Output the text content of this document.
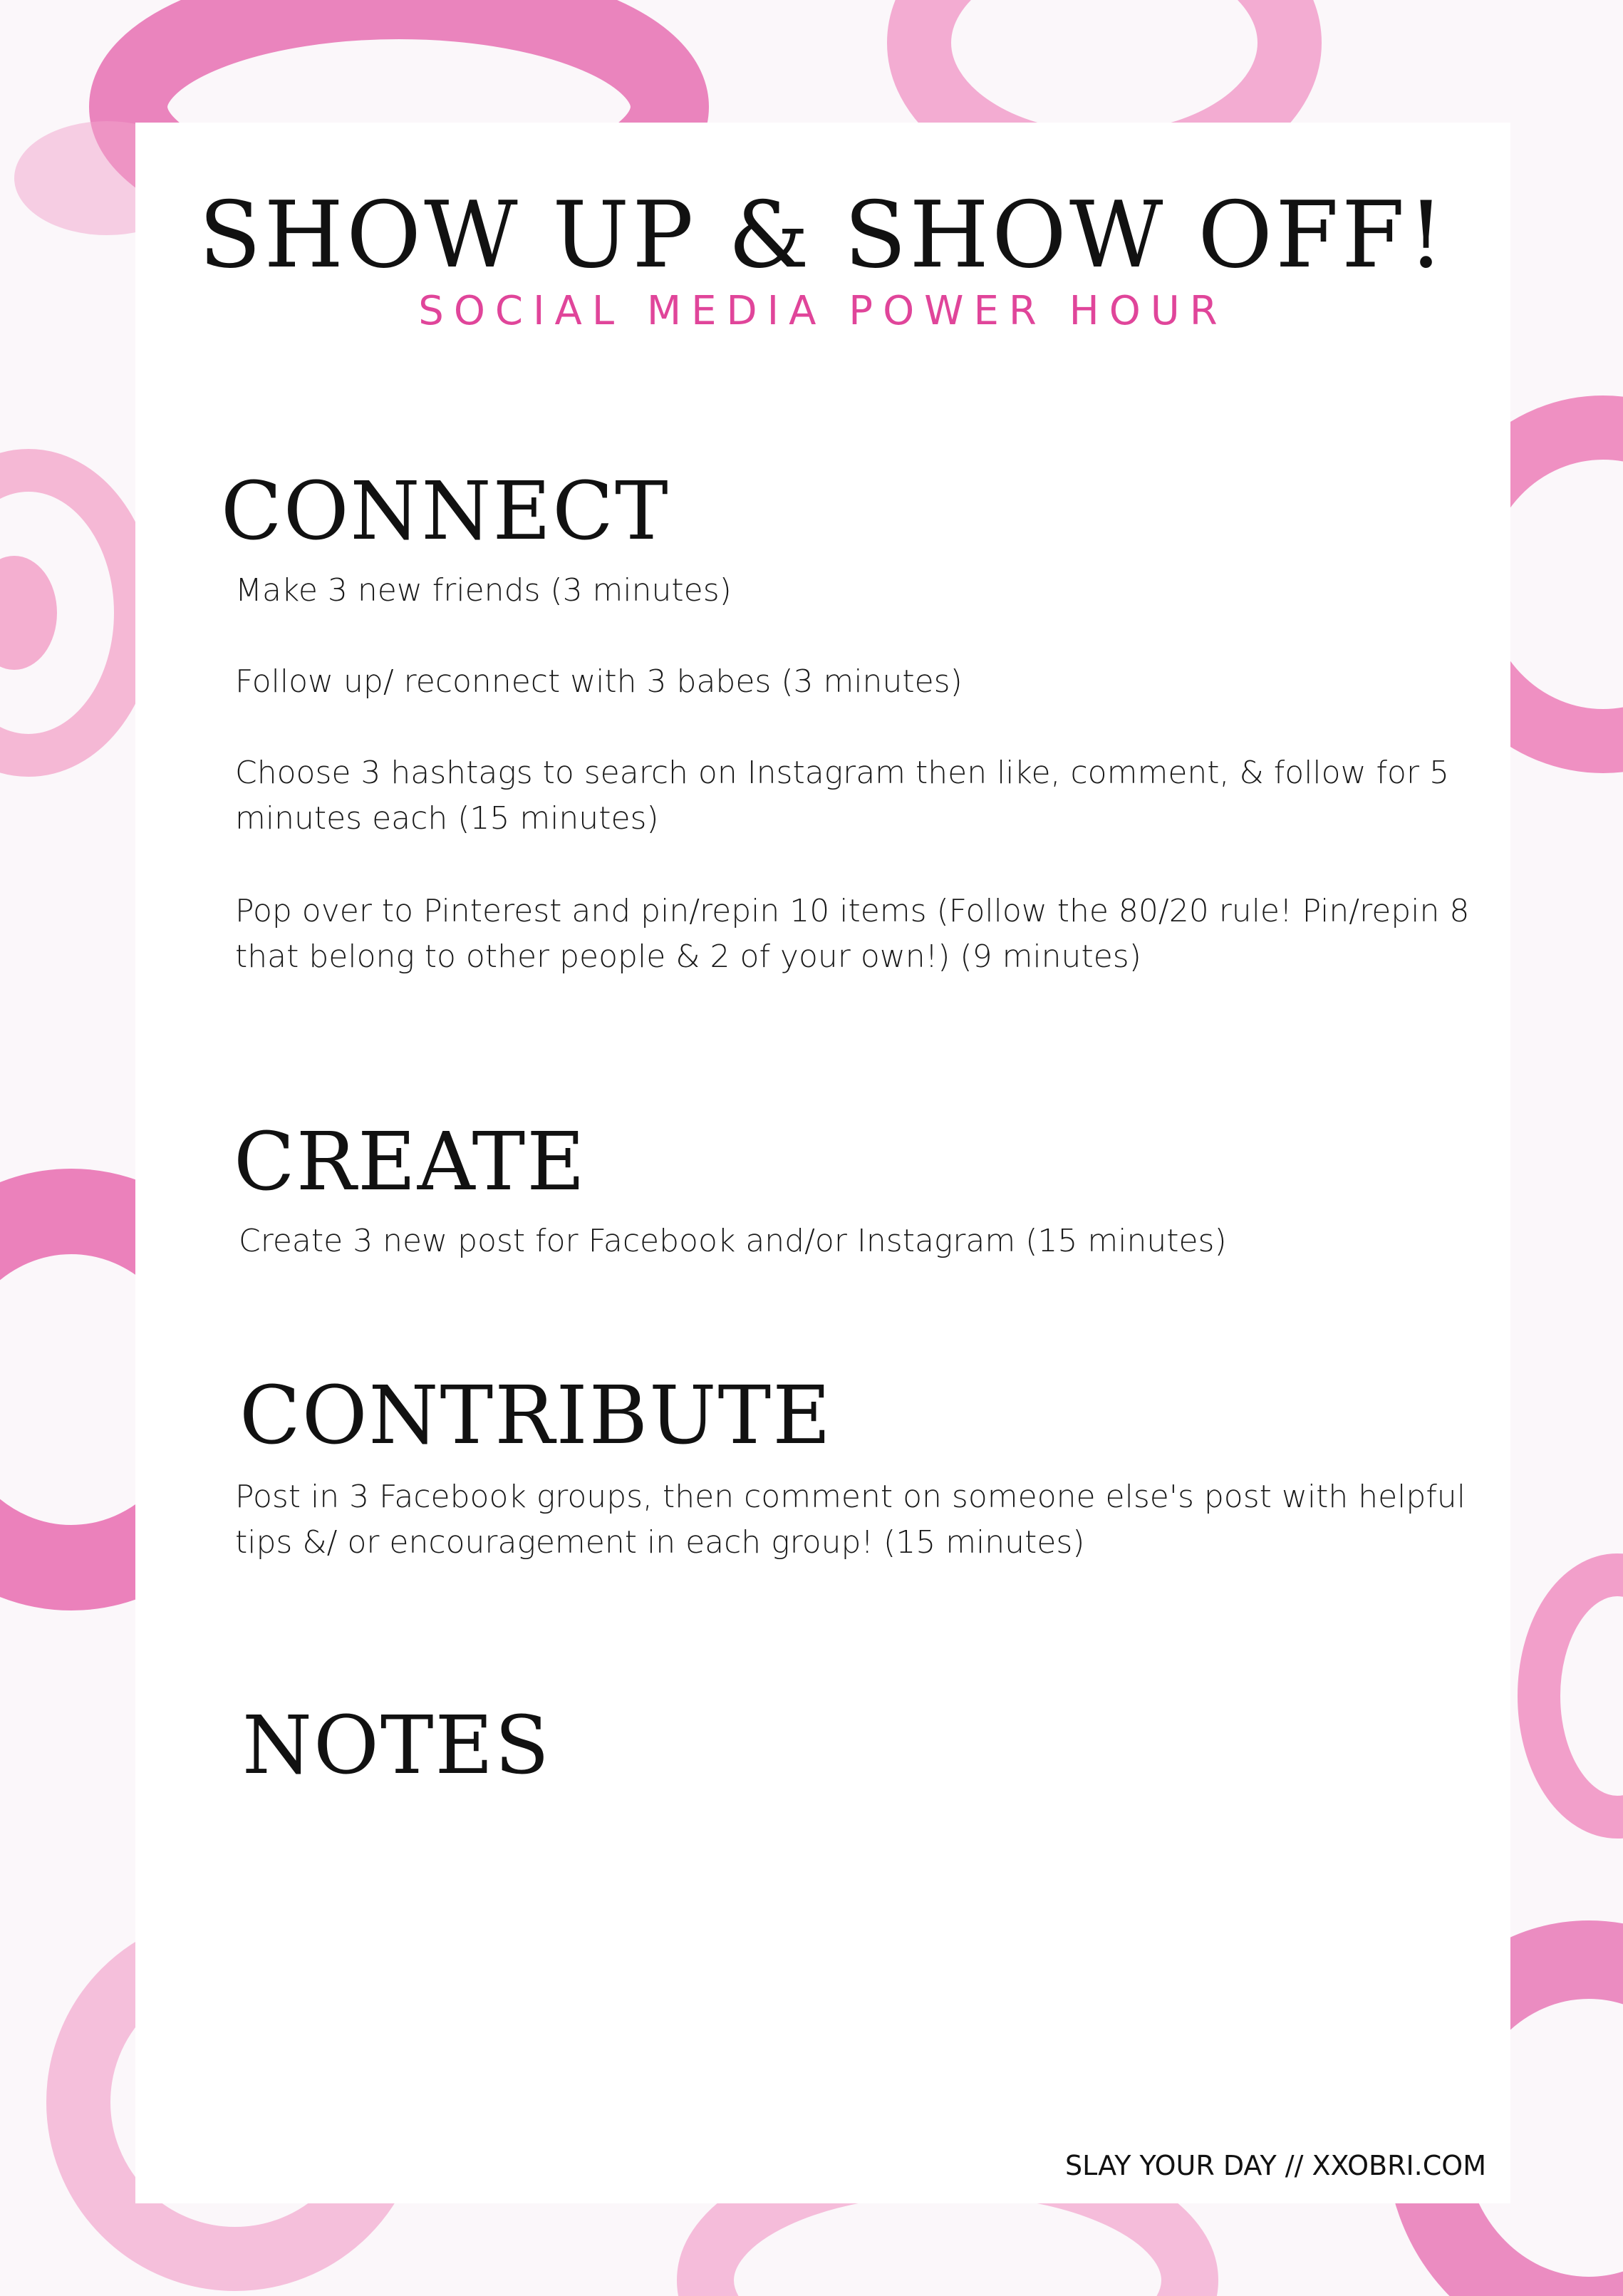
SHOW UP & SHOW OFF!
SOCIAL MEDIA POWER HOUR
CONNECT
Make 3 new friends (3 minutes)
Follow up/ reconnect with 3 babes (3 minutes)
Choose 3 hashtags to search on Instagram then like, comment, & follow for 5 minutes each (15 minutes)
Pop over to Pinterest and pin/repin 10 items (Follow the 80/20 rule! Pin/repin 8 that belong to other people & 2 of your own!) (9 minutes)
CREATE
Create 3 new post for Facebook and/or Instagram (15 minutes)
CONTRIBUTE
Post in 3 Facebook groups, then comment on someone else's post with helpful tips &/ or encouragement in each group! (15 minutes)
NOTES
SLAY YOUR DAY // XXOBRI.COM
